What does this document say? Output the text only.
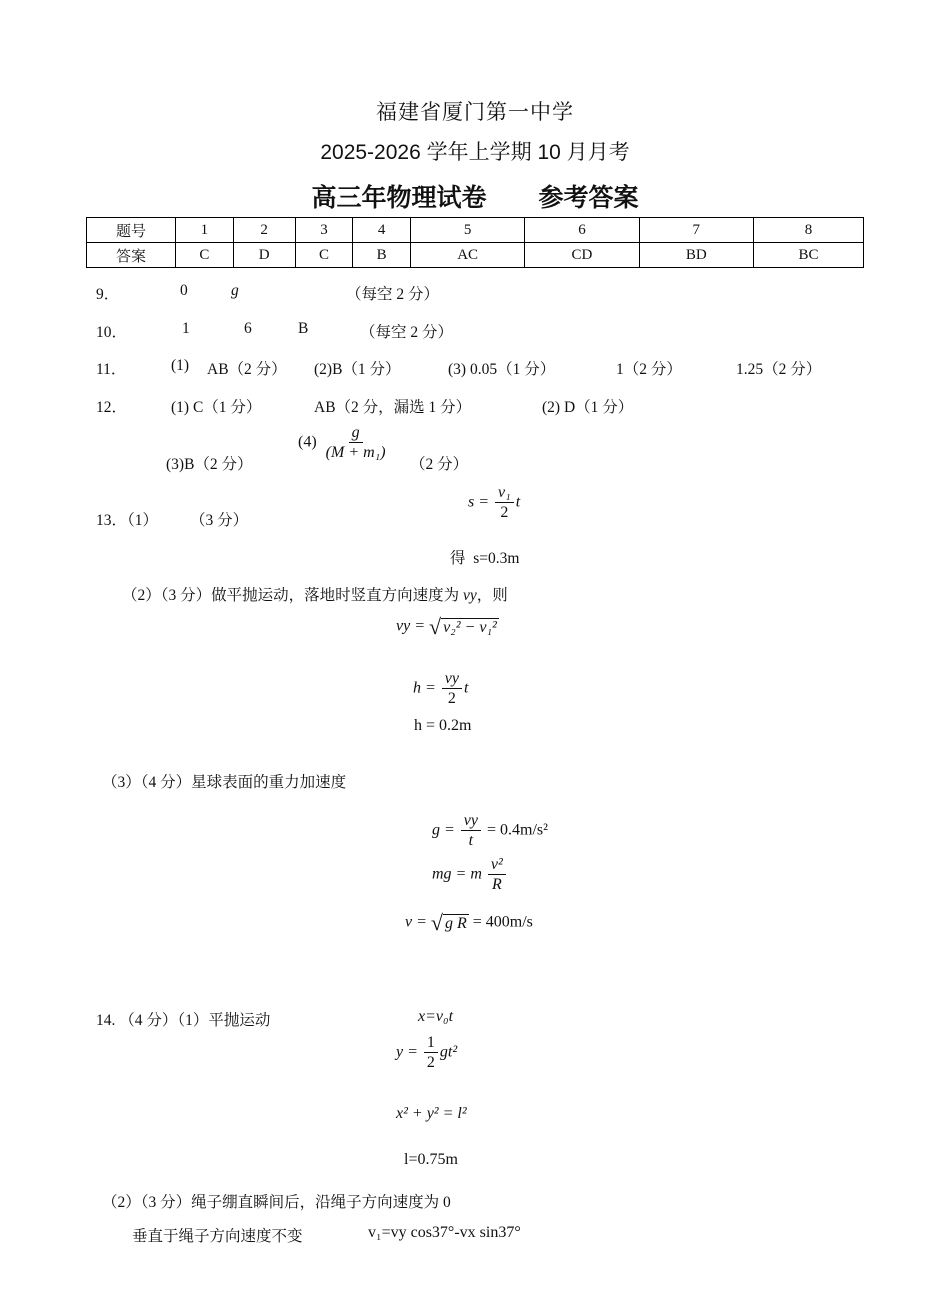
福建省厦门第一中学
2025-2026 学年上学期 10 月月考
高三年物理试卷 参考答案
题号	1	2	3	4	5	6	7	8
答案	C	D	C	B	AC	CD	BD	BC
9．	0	g	（每空 2 分）
10．	1	6	B	（每空 2 分）
11．	(1) AB（2 分） (2)B（1 分）	(3) 0.05（1 分）	1（2 分）	1.25（2 分）
12．	(1) C（1 分）	AB（2 分，漏选 1 分）	(2) D（1 分）
(3)B（2 分）
$(4) \frac{g}{\text{(M + m₁)}}$
（2 分）
13．（1） （3 分）
$s = \frac{\text{v₁}}{2}$ t
得 s=0.3m
（2）（3 分）做平抛运动，落地时竖直方向速度为 vy，则
vy = √ v₂² − v₁²
$h = \frac{vy}{2}$ t
h = 0.2m
（3）（4 分）星球表面的重力加速度
$g = \frac{vy}{t} = 0.4m/s^2$
mg = m $\frac{\text{v²}}{R}$
v = √ g R = 400m/s
14. （4 分）（1）平抛运动	x=v₀t
$y = \frac{1}{2} gt^2$
x² + y² = l²
l=0.75m
（2）（3 分）绳子绷直瞬间后，沿绳子方向速度为 0
垂直于绳子方向速度不变	v₁=vy cos37°-vx sin37°
